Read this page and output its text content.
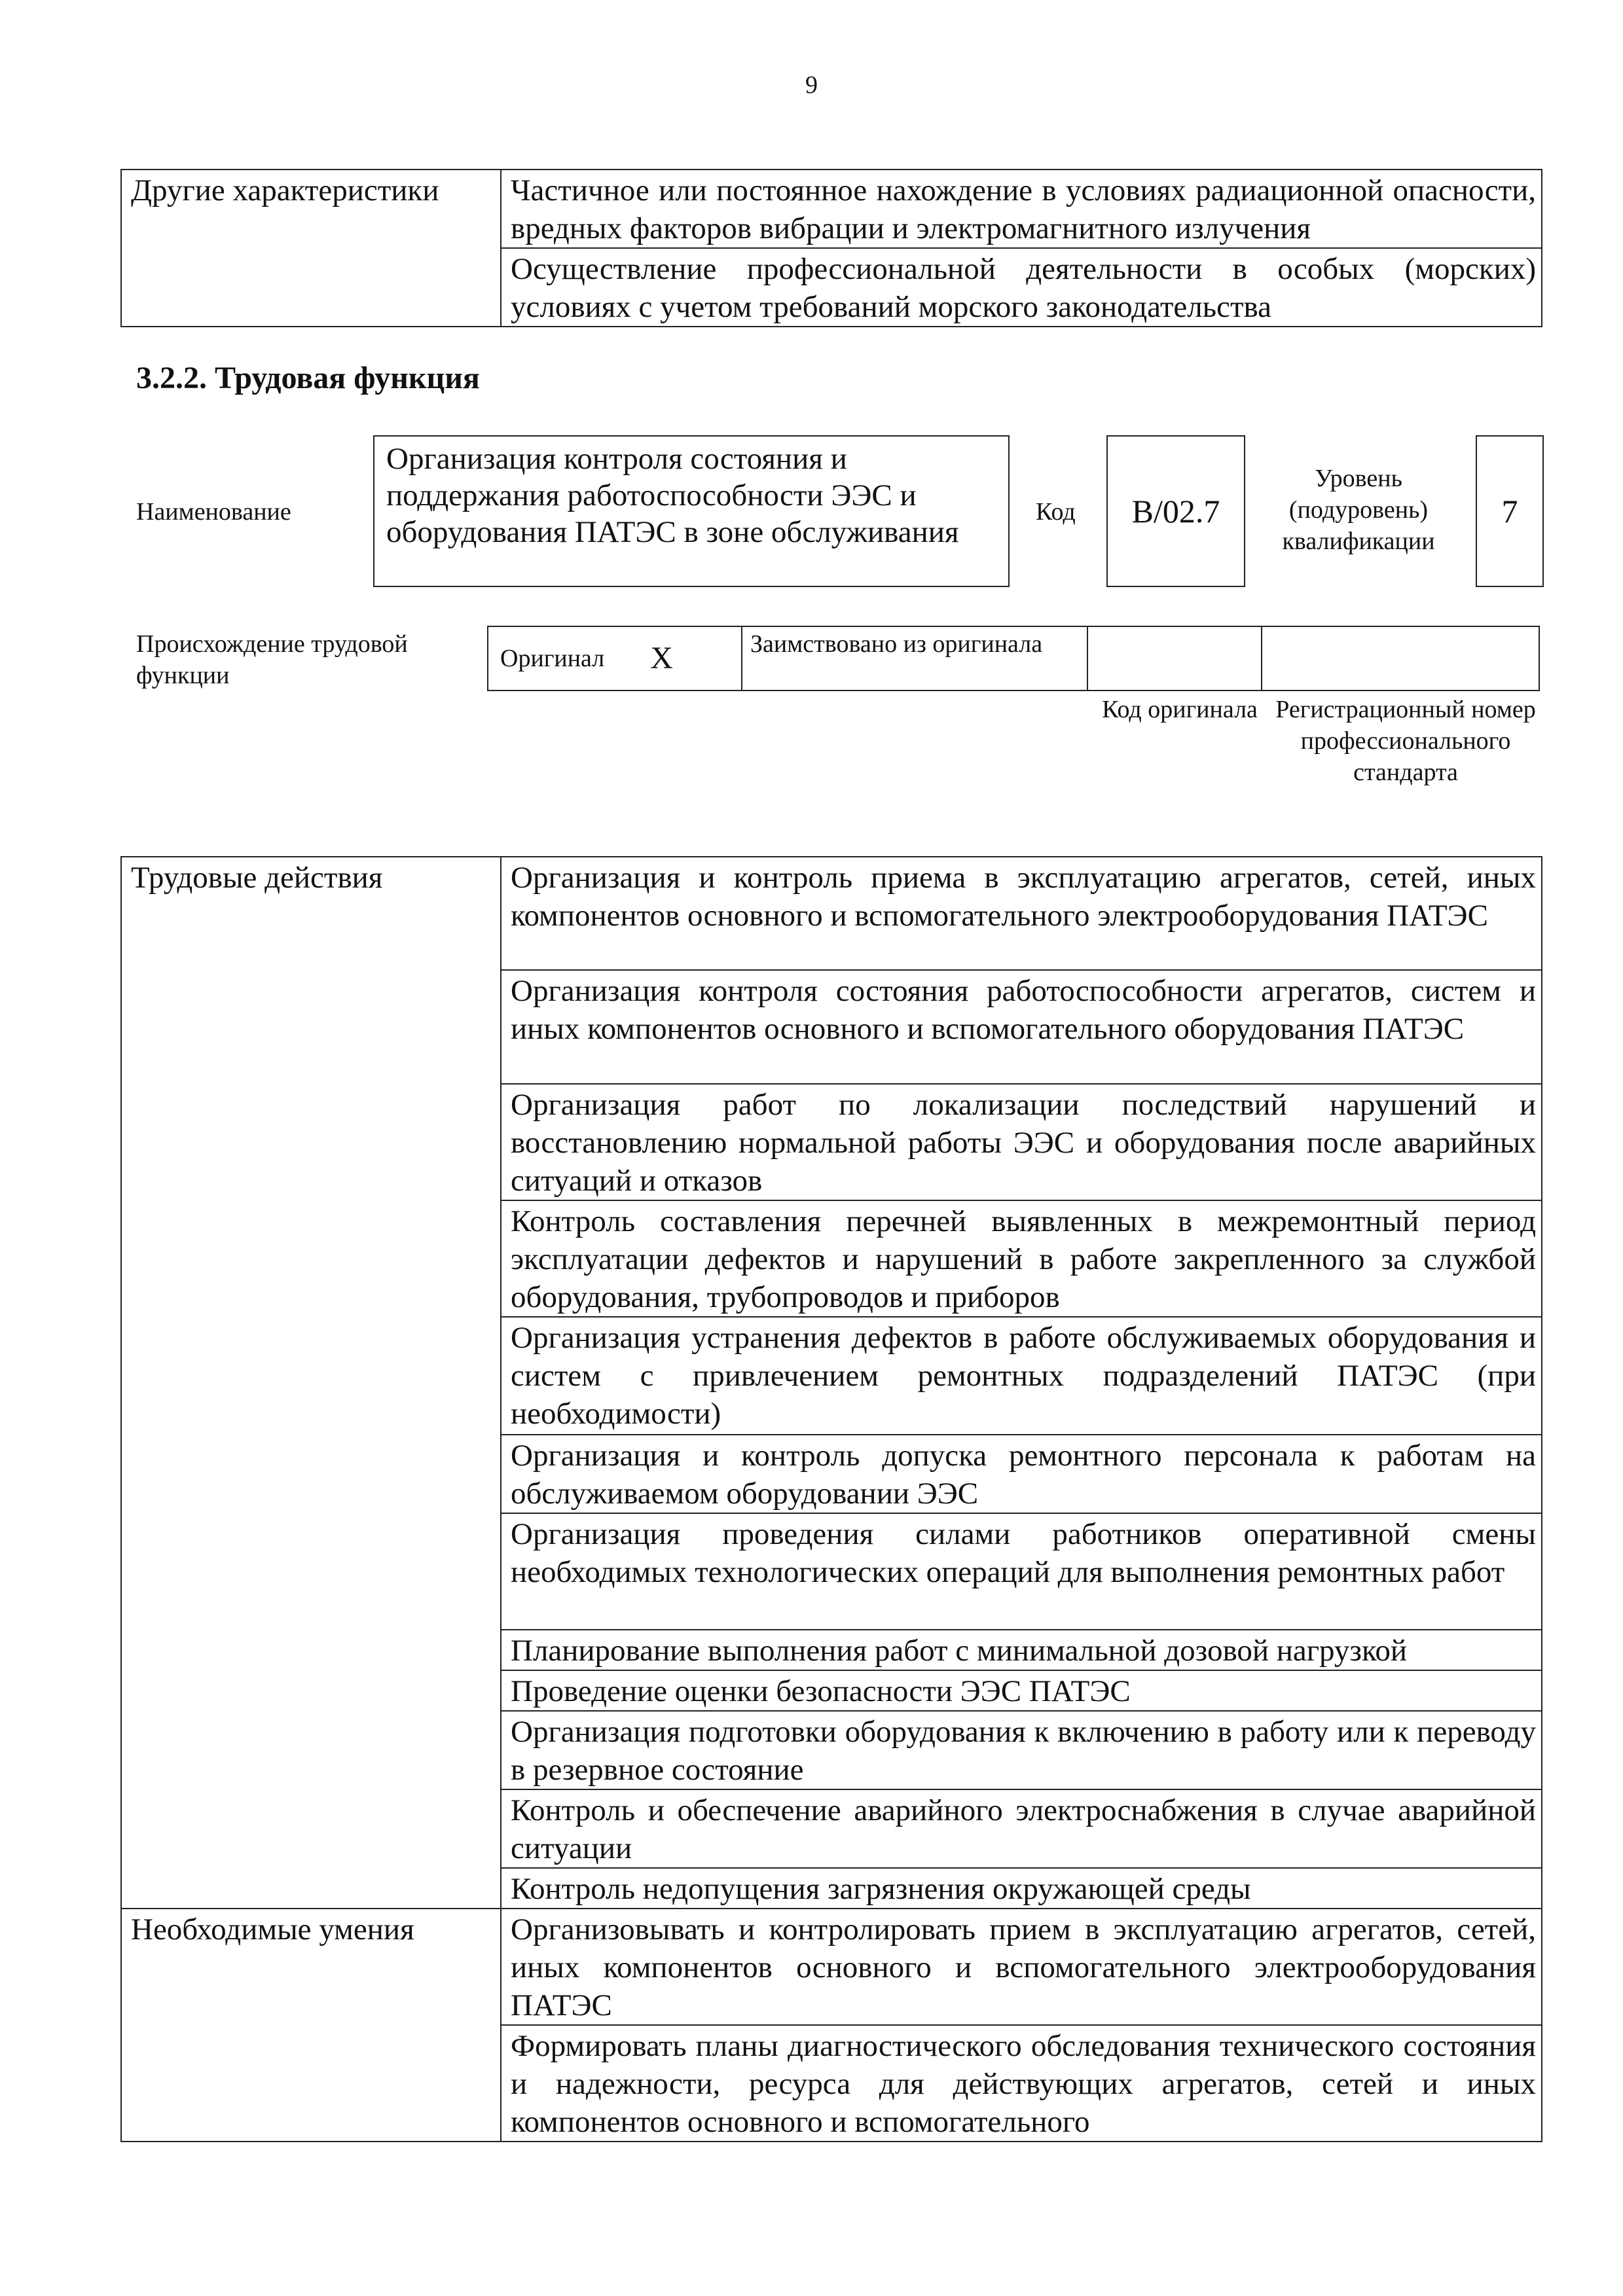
9
Другие характеристики	Частичное или постоянное нахождение в условиях радиационной опасности, вредных факторов вибрации и электромагнитного излучения
Осуществление профессиональной деятельности в особых (морских) условиях с учетом требований морского законодательства
3.2.2. Трудовая функция
Наименование
Организация контроля состояния и поддержания работоспособности ЭЭС и оборудования ПАТЭС в зоне обслуживания
Код	В/02.7
Уровень
(подуровень)
квалификации
7
Происхождение трудовой функции
Оригинал X	Заимствовано из оригинала
Код оригинала Регистрационный номер профессионального стандарта
Трудовые действия	Организация и контроль приема в эксплуатацию агрегатов, сетей, иных компонентов основного и вспомогательного электрооборудования ПАТЭС
	Организация контроля состояния работоспособности агрегатов, систем и иных компонентов основного и вспомогательного оборудования ПАТЭС
	Организация работ по локализации последствий нарушений и восстановлению нормальной работы ЭЭС и оборудования после аварийных ситуаций и отказов
	Контроль составления перечней выявленных в межремонтный период эксплуатации дефектов и нарушений в работе закрепленного за службой оборудования, трубопроводов и приборов
	Организация устранения дефектов в работе обслуживаемых оборудования и систем с привлечением ремонтных подразделений ПАТЭС (при необходимости)
	Организация и контроль допуска ремонтного персонала к работам на обслуживаемом оборудовании ЭЭС
	Организация проведения силами работников оперативной смены необходимых технологических операций для выполнения ремонтных работ
	Планирование выполнения работ с минимальной дозовой нагрузкой
	Проведение оценки безопасности ЭЭС ПАТЭС
	Организация подготовки оборудования к включению в работу или к переводу в резервное состояние
	Контроль и обеспечение аварийного электроснабжения в случае аварийной ситуации
	Контроль недопущения загрязнения окружающей среды
Необходимые умения	Организовывать и контролировать прием в эксплуатацию агрегатов, сетей, иных компонентов основного и вспомогательного электрооборудования ПАТЭС
	Формировать планы диагностического обследования технического состояния и надежности, ресурса для действующих агрегатов, сетей и иных компонентов основного и вспомогательного
